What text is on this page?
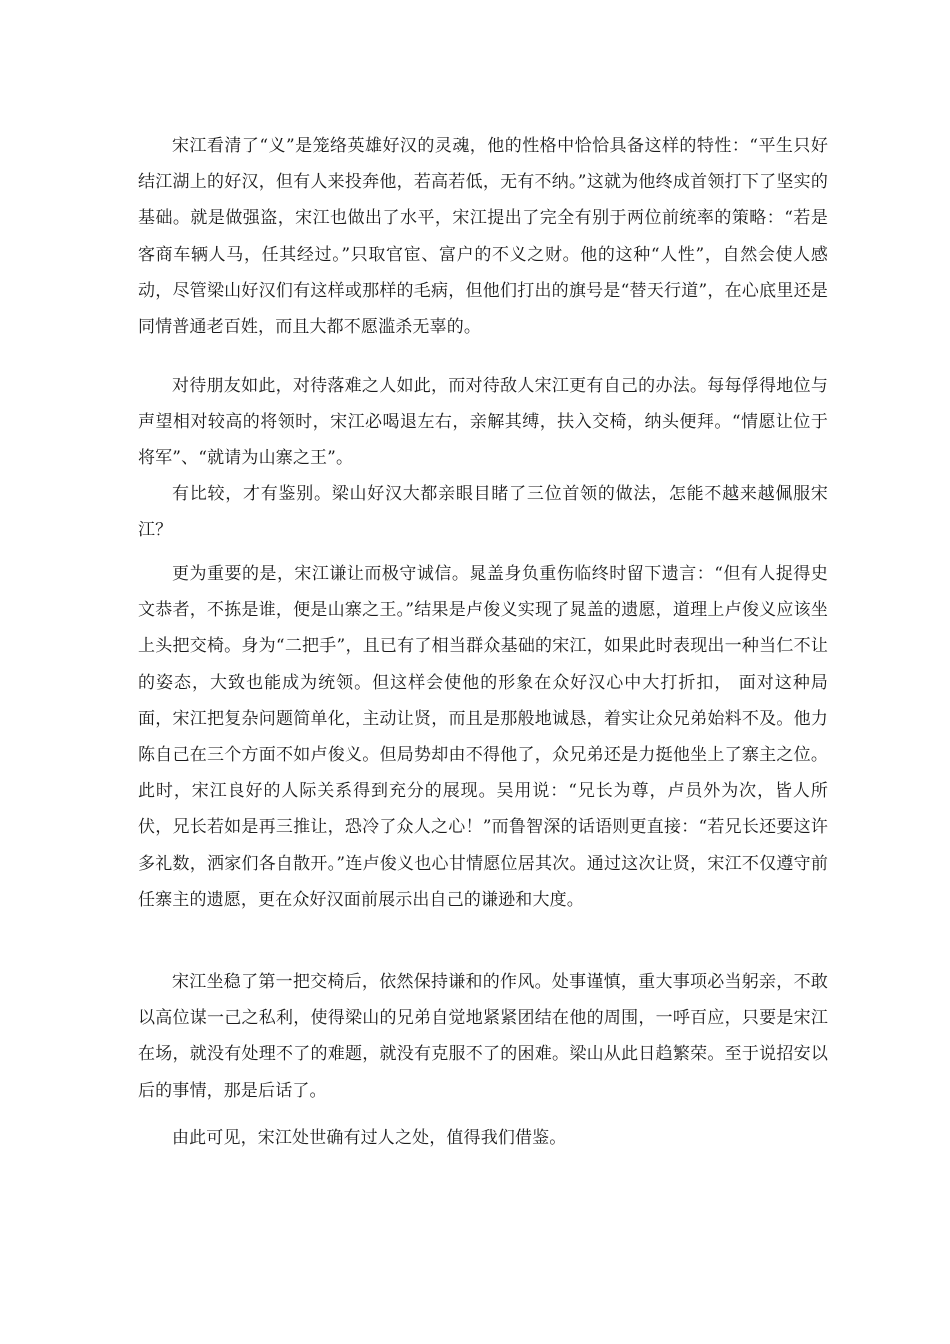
宋江看清了“义”是笼络英雄好汉的灵魂，他的性格中恰恰具备这样的特性：“平生只好结江湖上的好汉，但有人来投奔他，若高若低，无有不纳。”这就为他终成首领打下了坚实的基础。就是做强盗，宋江也做出了水平，宋江提出了完全有别于两位前统率的策略：“若是客商车辆人马，任其经过。”只取官宦、富户的不义之财。他的这种“人性”，自然会使人感动，尽管梁山好汉们有这样或那样的毛病，但他们打出的旗号是“替天行道”，在心底里还是同情普通老百姓，而且大都不愿滥杀无辜的。

对待朋友如此，对待落难之人如此，而对待敌人宋江更有自己的办法。每每俘得地位与声望相对较高的将领时，宋江必喝退左右，亲解其缚，扶入交椅，纳头便拜。“情愿让位于将军”、“就请为山寨之王”。

有比较，才有鉴别。梁山好汉大都亲眼目睹了三位首领的做法，怎能不越来越佩服宋江？

更为重要的是，宋江谦让而极守诚信。晁盖身负重伤临终时留下遗言：“但有人捉得史文恭者，不拣是谁，便是山寨之王。”结果是卢俊义实现了晁盖的遗愿，道理上卢俊义应该坐上头把交椅。身为“二把手”，且已有了相当群众基础的宋江，如果此时表现出一种当仁不让的姿态，大致也能成为统领。但这样会使他的形象在众好汉心中大打折扣， 面对这种局面，宋江把复杂问题简单化，主动让贤，而且是那般地诚恳，着实让众兄弟始料不及。他力陈自己在三个方面不如卢俊义。但局势却由不得他了，众兄弟还是力挺他坐上了寨主之位。此时，宋江良好的人际关系得到充分的展现。吴用说：“兄长为尊，卢员外为次，皆人所伏，兄长若如是再三推让，恐冷了众人之心！”而鲁智深的话语则更直接：“若兄长还要这许多礼数，洒家们各自散开。”连卢俊义也心甘情愿位居其次。通过这次让贤，宋江不仅遵守前任寨主的遗愿，更在众好汉面前展示出自己的谦逊和大度。

宋江坐稳了第一把交椅后，依然保持谦和的作风。处事谨慎，重大事项必当躬亲，不敢以高位谋一己之私利，使得梁山的兄弟自觉地紧紧团结在他的周围，一呼百应，只要是宋江在场，就没有处理不了的难题，就没有克服不了的困难。梁山从此日趋繁荣。至于说招安以后的事情，那是后话了。

由此可见，宋江处世确有过人之处，值得我们借鉴。
